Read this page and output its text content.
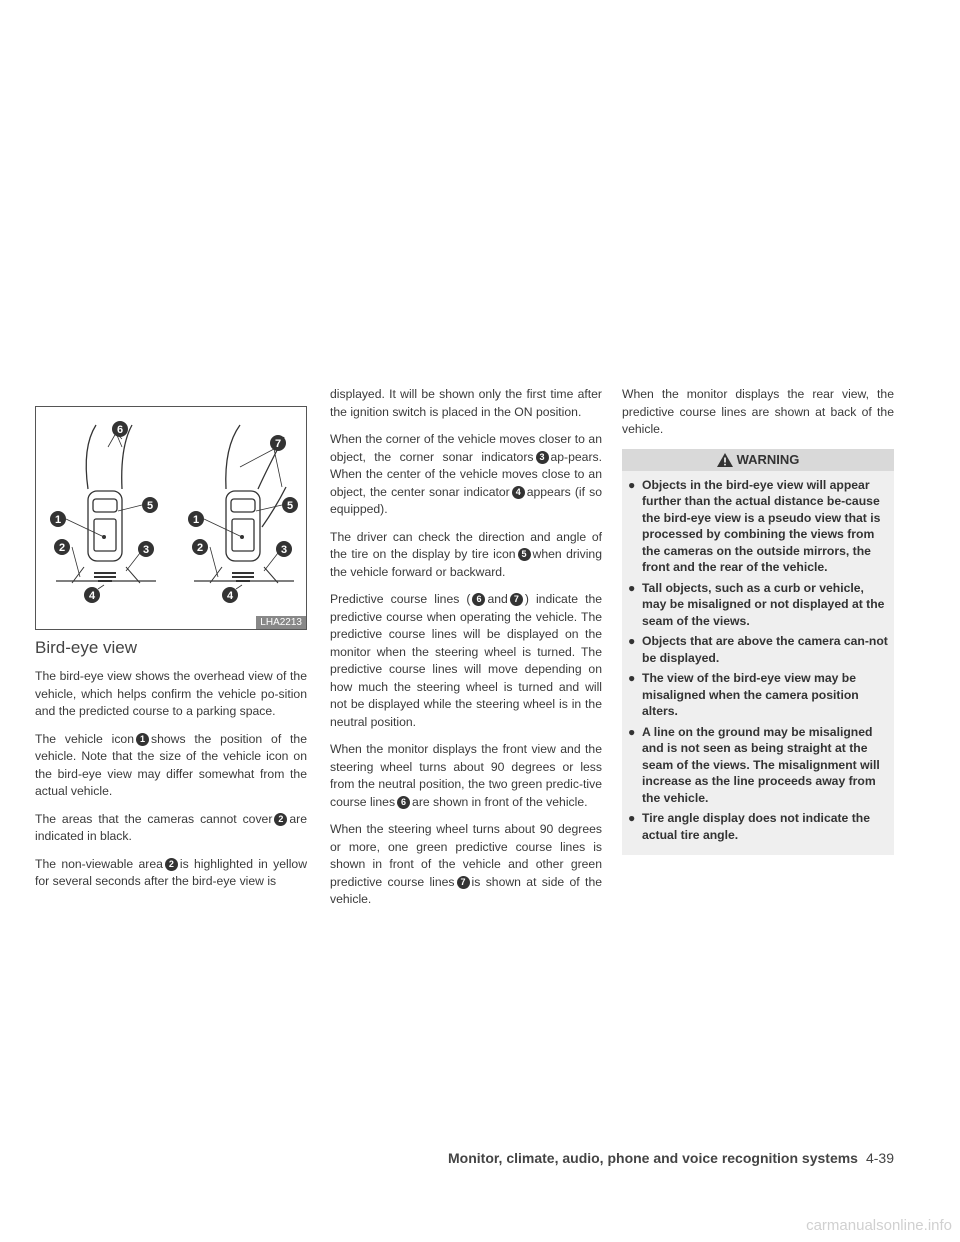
6
1
5
2	3
4
7
1
5
2	3
4
LHA2213
Bird-eye view

The bird-eye view shows the overhead view of the vehicle, which helps confirm the vehicle po-sition and the predicted course to a parking space.

The vehicle icon 1 shows the position of the vehicle. Note that the size of the vehicle icon on the bird-eye view may differ somewhat from the actual vehicle.

The areas that the cameras cannot cover 2 are indicated in black.

The non-viewable area 2 is highlighted in yellow for several seconds after the bird-eye view is

displayed. It will be shown only the first time after the ignition switch is placed in the ON position.

When the corner of the vehicle moves closer to an object, the corner sonar indicators 3 ap-pears. When the center of the vehicle moves close to an object, the center sonar indicator 4 appears (if so equipped).

The driver can check the direction and angle of the tire on the display by tire icon 5 when driving the vehicle forward or backward.

Predictive course lines ( 6 and 7 ) indicate the predictive course when operating the vehicle. The predictive course lines will be displayed on the monitor when the steering wheel is turned. The predictive course lines will move depending on how much the steering wheel is turned and will not be displayed while the steering wheel is in the neutral position.

When the monitor displays the front view and the steering wheel turns about 90 degrees or less from the neutral position, the two green predic-tive course lines 6 are shown in front of the vehicle.

When the steering wheel turns about 90 degrees or more, one green predictive course lines is shown in front of the vehicle and other green predictive course lines 7 is shown at side of the vehicle.

When the monitor displays the rear view, the predictive course lines are shown at back of the vehicle.

WARNING
● Objects in the bird-eye view will appear further than the actual distance be-cause the bird-eye view is a pseudo view that is processed by combining the views from the cameras on the outside mirrors, the front and the rear of the vehicle.
● Tall objects, such as a curb or vehicle, may be misaligned or not displayed at the seam of the views.
● Objects that are above the camera can-not be displayed.
● The view of the bird-eye view may be misaligned when the camera position alters.
● A line on the ground may be misaligned and is not seen as being straight at the seam of the views. The misalignment will increase as the line proceeds away from the vehicle.
● Tire angle display does not indicate the actual tire angle.
Monitor, climate, audio, phone and voice recognition systems 4-39
carmanualsonline.info
